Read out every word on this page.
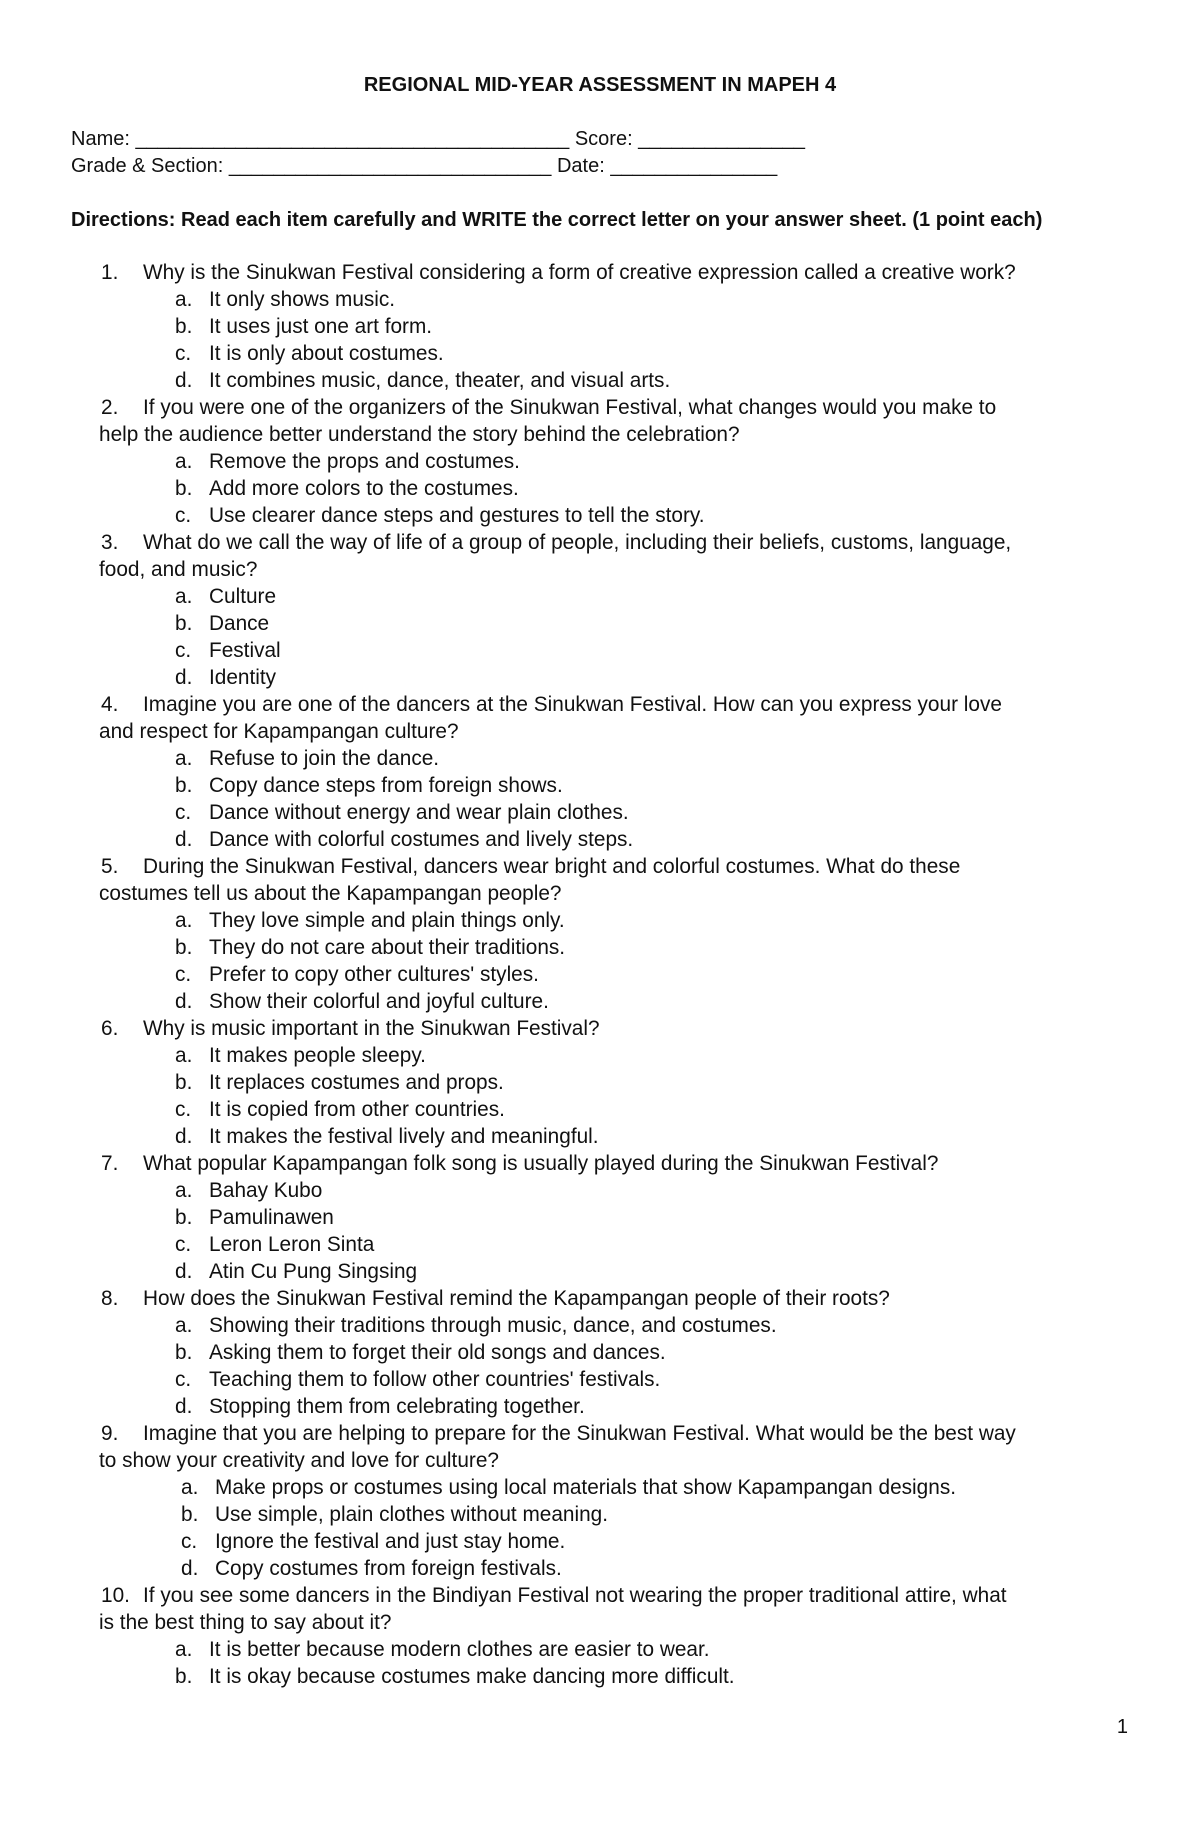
REGIONAL MID-YEAR ASSESSMENT IN MAPEH 4
Name: _______________________________________ Score: _______________
Grade & Section: _____________________________ Date: _______________
Directions: Read each item carefully and WRITE the correct letter on your answer sheet. (1 point each)
1. Why is the Sinukwan Festival considering a form of creative expression called a creative work?
a. It only shows music.
b. It uses just one art form.
c. It is only about costumes.
d. It combines music, dance, theater, and visual arts.
2. If you were one of the organizers of the Sinukwan Festival, what changes would you make to
help the audience better understand the story behind the celebration?
a. Remove the props and costumes.
b. Add more colors to the costumes.
c. Use clearer dance steps and gestures to tell the story.
3. What do we call the way of life of a group of people, including their beliefs, customs, language,
food, and music?
a. Culture
b. Dance
c. Festival
d. Identity
4. Imagine you are one of the dancers at the Sinukwan Festival. How can you express your love
and respect for Kapampangan culture?
a. Refuse to join the dance.
b. Copy dance steps from foreign shows.
c. Dance without energy and wear plain clothes.
d. Dance with colorful costumes and lively steps.
5. During the Sinukwan Festival, dancers wear bright and colorful costumes. What do these
costumes tell us about the Kapampangan people?
a. They love simple and plain things only.
b. They do not care about their traditions.
c. Prefer to copy other cultures' styles.
d. Show their colorful and joyful culture.
6. Why is music important in the Sinukwan Festival?
a. It makes people sleepy.
b. It replaces costumes and props.
c. It is copied from other countries.
d. It makes the festival lively and meaningful.
7. What popular Kapampangan folk song is usually played during the Sinukwan Festival?
a. Bahay Kubo
b. Pamulinawen
c. Leron Leron Sinta
d. Atin Cu Pung Singsing
8. How does the Sinukwan Festival remind the Kapampangan people of their roots?
a. Showing their traditions through music, dance, and costumes.
b. Asking them to forget their old songs and dances.
c. Teaching them to follow other countries' festivals.
d. Stopping them from celebrating together.
9. Imagine that you are helping to prepare for the Sinukwan Festival. What would be the best way
to show your creativity and love for culture?
a. Make props or costumes using local materials that show Kapampangan designs.
b. Use simple, plain clothes without meaning.
c. Ignore the festival and just stay home.
d. Copy costumes from foreign festivals.
10. If you see some dancers in the Bindiyan Festival not wearing the proper traditional attire, what
is the best thing to say about it?
a. It is better because modern clothes are easier to wear.
b. It is okay because costumes make dancing more difficult.
1
